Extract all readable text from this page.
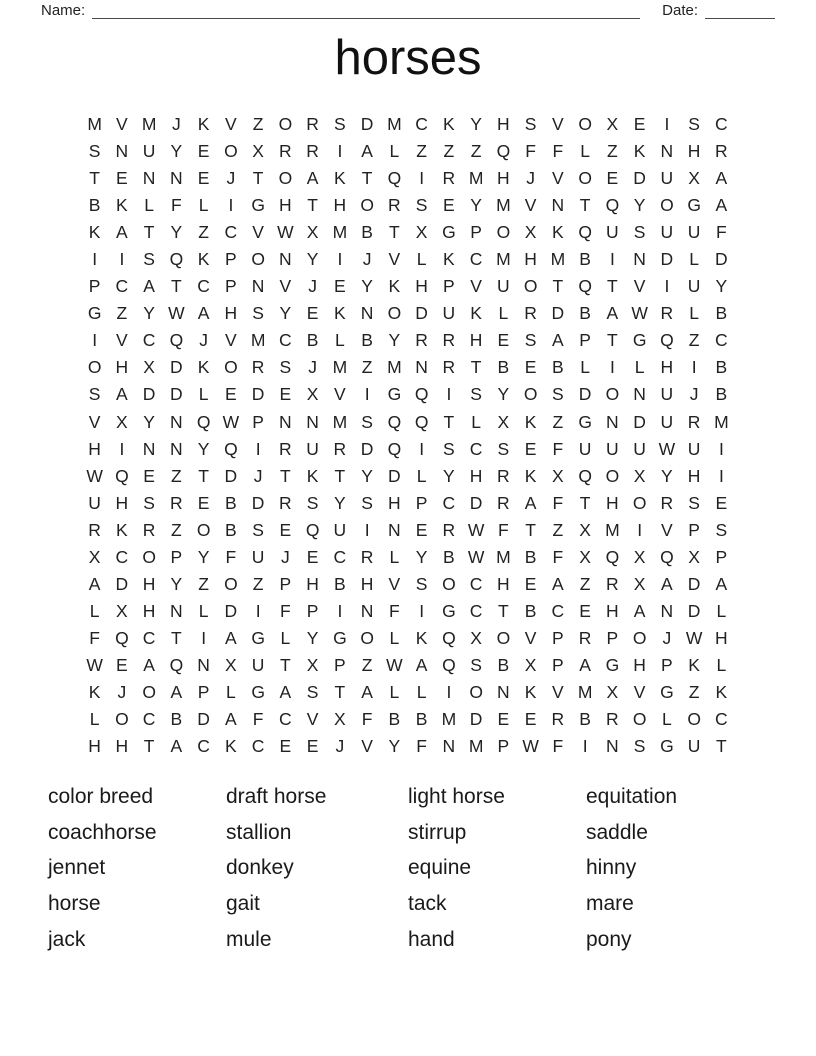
Name:	Date:
horses
M V M J K V Z O R S D M C K Y H S V O X E	I	S C
S N U Y E O X R R	I	A L Z Z Z Q F F L Z K N H R
T E N N E J	T O A K T Q	I	R M H J V O E D U X A
B K L F L	I	G H T H O R S E Y M V N T Q Y O G A
K A T Y Z C V W X M B T X G P O X K Q U S U U F
I	I	S Q K P O N Y	I	J V L K C M H M B	I	N D L D
P C A T C P N V J E Y K H P V U O T Q T V	I	U Y
G Z Y W A H S Y E K N O D U K L R D B A W R L B
I	V C Q J V M C B L B Y R R H E S A P T G Q Z C
O H X D K O R S J M Z M N R T B E B L	I	L H	I	B
S A D D L E D E X V	I	G Q	I	S Y O S D O N U J B
V X Y N Q W P N N M S Q Q T L X K Z G N D U R M
H	I	N N Y Q	I	R U R D Q	I	S C S E F U U U W U	I
W Q E Z T D J	T K T Y D L Y H R K X Q O X Y H	I
U H S R E B D R S Y S H P C D R A F T H O R S E
R K R Z O B S E Q U	I	N E R W F T Z X M	I	V P S
X C O P Y F U J E C R L Y B W M B F X Q X Q X P
A D H Y Z O Z P H B H V S O C H E A Z R X A D A
L X H N L D	I	F P	I	N F	I	G C T B C E H A N D L
F Q C T	I	A G L Y G O L K Q X O V P R P O J W H
W E A Q N X U T X P Z W A Q S B X P A G H P K L
K J O A P L G A S T A L	L	I	O N K V M X V G Z K
L O C B D A F C V X F B B M D E E R B R O L O C
H H T A C K C E E J V Y F N M P W F	I	N S G U T
color breed
coachhorse
jennet
horse
jack
draft horse
stallion
donkey
gait
mule
light horse
stirrup
equine
tack
hand
equitation
saddle
hinny
mare
pony
